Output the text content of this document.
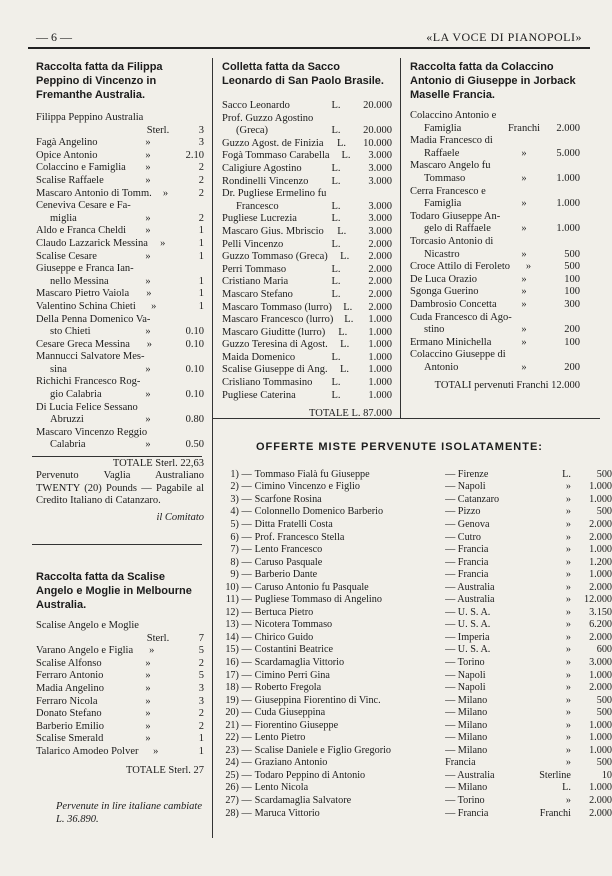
— 6 —	«LA VOCE DI PIANOPOLI»
Raccolta fatta da Filippa Peppino di Vincenzo in Fremanthe Australia.
Filippa Peppino Australia
Sterl.	3
Fagà Angelino	»	3
Opice Antonio	»	2.10
Colaccino e Famiglia	»	2
Scalise Raffaele	»	2
Mascaro Antonio di Tomm.	»	2
Ceneviva Cesare e Fa-
miglia	»	2
Aldo e Franca Cheldi	»	1
Claudo Lazzarick Messina	»	1
Scalise Cesare	»	1
Giuseppe e Franca Ian-
nello Messina	»	1
Mascaro Pietro Vaiola	»	1
Valentino Schina Chieti	»	1
Della Penna Domenico Va-
sto Chieti	»	0.10
Cesare Greca Messina	»	0.10
Mannucci Salvatore Mes-
sina	»	0.10
Richichi Francesco Rog-
gio Calabria	»	0.10
Di Lucia Felice Sessano
Abruzzi	»	0.80
Mascaro Vincenzo Reggio
Calabria	»	0.50
TOTALE Sterl. 22,63
Pervenuto Vaglia Australiano TWENTY (20) Pounds — Pagabile al Credito Italiano di Catanzaro.
il Comitato
Raccolta fatta da Scalise Angelo e Moglie in Melbourne Australia.
Scalise Angelo e Moglie
Sterl.	7
Varano Angelo e Figlia	»	5
Scalise Alfonso	»	2
Ferraro Antonio	»	5
Madia Angelino	»	3
Ferraro Nicola	»	3
Donato Stefano	»	2
Barberio Emilio	»	2
Scalise Smerald	»	1
Talarico Amodeo Polver	»	1
TOTALE Sterl. 27
Pervenute in lire italiane cambiate L. 36.890.
Colletta fatta da Sacco Leonardo di San Paolo Brasile.
Sacco Leonardo	L.	20.000
Prof. Guzzo Agostino
(Greca)	L.	20.000
Guzzo Agost. de Finizia	L.	10.000
Fogà Tommaso Carabella	L.	3.000
Caligiure Agostino	L.	3.000
Rondinelli Vincenzo	L.	3.000
Dr. Pugliese Ermelino fu
Francesco	L.	3.000
Pugliese Lucrezia	L.	3.000
Mascaro Gius. Mbriscio	L.	3.000
Pelli Vincenzo	L.	2.000
Guzzo Tommaso (Greca)	L.	2.000
Perri Tommaso	L.	2.000
Cristiano Maria	L.	2.000
Mascaro Stefano	L.	2.000
Mascaro Tommaso (lurro)	L.	2.000
Mascaro Francesco (lurro)	L.	1.000
Mascaro Giuditte (lurro)	L.	1.000
Guzzo Teresina di Agost.	L.	1.000
Maida Domenico	L.	1.000
Scalise Giuseppe di Ang.	L.	1.000
Crisliano Tommasino	L.	1.000
Pugliese Caterina	L.	1.000
TOTALE L. 87.000
Raccolta fatta da Colaccino Antonio di Giuseppe in Jorback Maselle Francia.
Colaccino Antonio e
Famiglia	Franchi	2.000
Madia Francesco di
Raffaele	»	5.000
Mascaro Angelo fu
Tommaso	»	1.000
Cerra Francesco e
Famiglia	»	1.000
Todaro Giuseppe An-
gelo di Raffaele	»	1.000
Torcasio Antonio di
Nicastro	»	500
Croce Attilo di Feroleto	»	500
De Luca Orazio	»	100
Sgonga Guerino	»	100
Dambrosio Concetta	»	300
Cuda Francesco di Ago-
stino	»	200
Ermano Minichella	»	100
Colaccino Giuseppe di
Antonio	»	200
TOTALI pervenuti Franchi 12.000
OFFERTE MISTE PERVENUTE ISOLATAMENTE:
1) —	Tommaso Fialà fu Giuseppe	— Firenze	L.	500
2) —	Cimino Vincenzo e Figlio	— Napoli	»	1.000
3) —	Scarfone Rosina	— Catanzaro	»	1.000
4) —	Colonnello Domenico Barberio	— Pizzo	»	500
5) —	Ditta Fratelli Costa	— Genova	»	2.000
6) —	Prof. Francesco Stella	— Cutro	»	2.000
7) —	Lento Francesco	— Francia	»	1.000
8) —	Caruso Pasquale	— Francia	»	1.200
9) —	Barberio Dante	— Francia	»	1.000
10) —	Caruso Antonio fu Pasquale	— Australia	»	2.000
11) —	Pugliese Tommaso di Angelino	— Australia	»	12.000
12) —	Bertuca Pietro	— U. S. A.	»	3.150
13) —	Nicotera Tommaso	— U. S. A.	»	6.200
14) —	Chirico Guido	— Imperia	»	2.000
15) —	Costantini Beatrice	— U. S. A.	»	600
16) —	Scardamaglia Vittorio	— Torino	»	3.000
17) —	Cimino Perri Gina	— Napoli	»	1.000
18) —	Roberto Fregola	— Napoli	»	2.000
19) —	Giuseppina Fiorentino di Vinc.	— Milano	»	500
20) —	Cuda Giuseppina	— Milano	»	500
21) —	Fiorentino Giuseppe	— Milano	»	1.000
22) —	Lento Pietro	— Milano	»	1.000
23) —	Scalise Daniele e Figlio Gregorio	— Milano	»	1.000
24) —	Graziano Antonio	Francia	»	500
25) —	Todaro Peppino di Antonio	— Australia	Sterline	10
26) —	Lento Nicola	— Milano	L.	1.000
27) —	Scardamaglia Salvatore	— Torino	»	2.000
28) —	Maruca Vittorio	— Francia	Franchi	2.000
